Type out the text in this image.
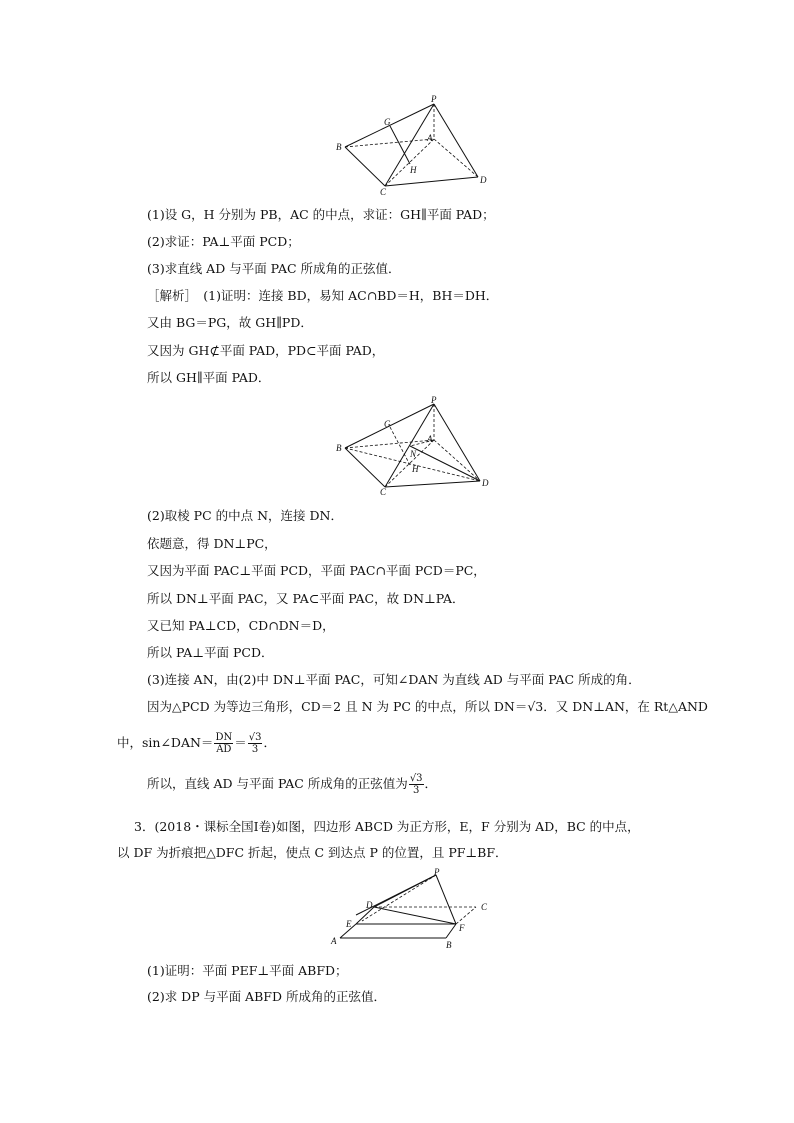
P
G
A
B
H
C
D
(1)设 G，H 分别为 PB，AC 的中点，求证：GH∥平面 PAD；
(2)求证：PA⊥平面 PCD；
(3)求直线 AD 与平面 PAC 所成角的正弦值．
［解析］　(1)证明：连接 BD，易知 AC∩BD＝H，BH＝DH．
又由 BG＝PG，故 GH∥PD．
又因为 GH⊄平面 PAD，PD⊂平面 PAD，
所以 GH∥平面 PAD．
P
G
A
B
N
H
C
D
(2)取棱 PC 的中点 N，连接 DN．
依题意，得 DN⊥PC，
又因为平面 PAC⊥平面 PCD，平面 PAC∩平面 PCD＝PC，
所以 DN⊥平面 PAC，又 PA⊂平面 PAC，故 DN⊥PA．
又已知 PA⊥CD，CD∩DN＝D，
所以 PA⊥平面 PCD．
(3)连接 AN，由(2)中 DN⊥平面 PAC，可知∠DAN 为直线 AD 与平面 PAC 所成的角．
因为△PCD 为等边三角形，CD＝2 且 N 为 PC 的中点，所以 DN＝√3．又 DN⊥AN，在 Rt△AND
中，sin∠DAN＝ $\frac{DN}{AD} = \frac{√3}{3}$ ．
所以，直线 AD 与平面 PAC 所成角的正弦值为 $\frac{√3}{3}$ ．
3．(2018・课标全国Ⅰ卷)如图，四边形 ABCD 为正方形，E，F 分别为 AD，BC 的中点，
以 DF 为折痕把△DFC 折起，使点 C 到达点 P 的位置，且 PF⊥BF．
P
D	C
E	F
A	B
(1)证明：平面 PEF⊥平面 ABFD；
(2)求 DP 与平面 ABFD 所成角的正弦值．
